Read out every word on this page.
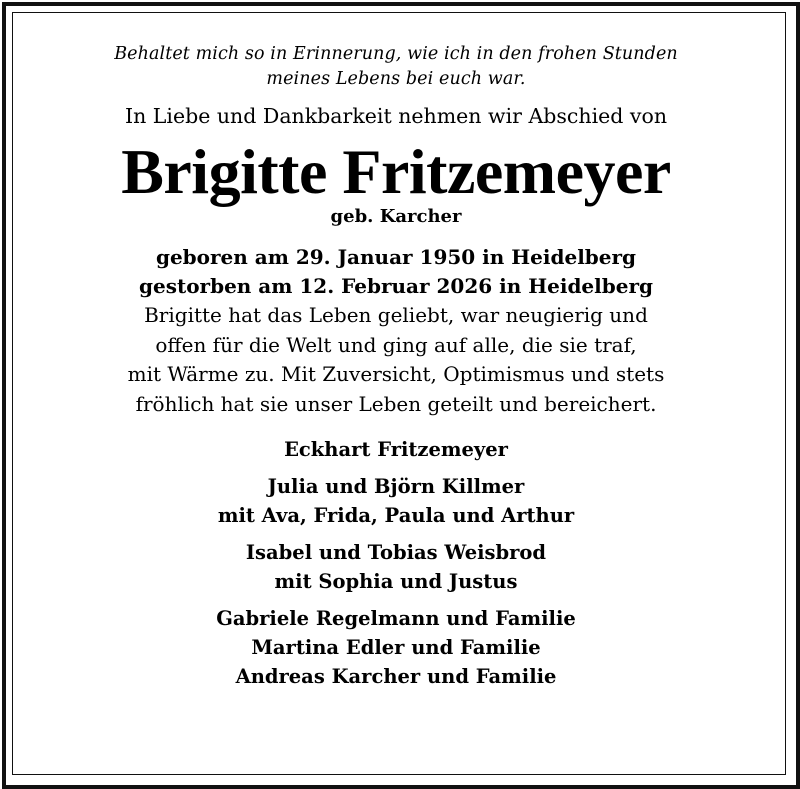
Behaltet mich so in Erinnerung, wie ich in den frohen Stunden
meines Lebens bei euch war.
In Liebe und Dankbarkeit nehmen wir Abschied von
Brigitte Fritzemeyer
geb. Karcher
geboren am 29. Januar 1950 in Heidelberg
gestorben am 12. Februar 2026 in Heidelberg
Brigitte hat das Leben geliebt, war neugierig und
offen für die Welt und ging auf alle, die sie traf,
mit Wärme zu. Mit Zuversicht, Optimismus und stets
fröhlich hat sie unser Leben geteilt und bereichert.
Eckhart Fritzemeyer
Julia und Björn Killmer
mit Ava, Frida, Paula und Arthur
Isabel und Tobias Weisbrod
mit Sophia und Justus
Gabriele Regelmann und Familie
Martina Edler und Familie
Andreas Karcher und Familie
